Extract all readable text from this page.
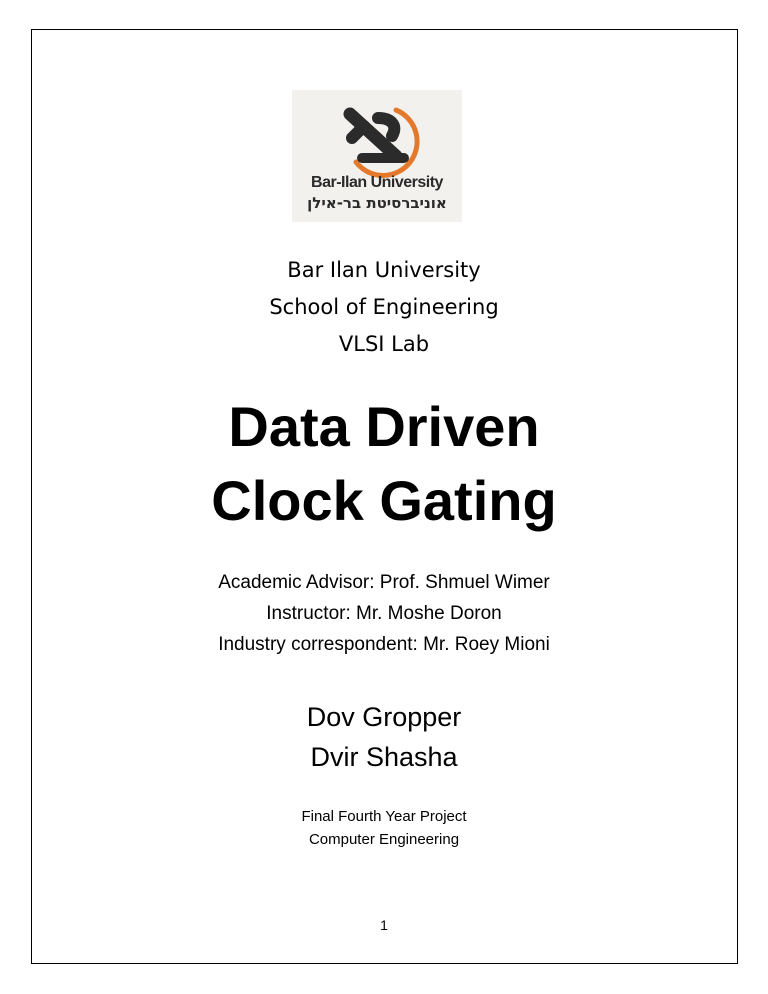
Bar-Ilan University
אוניברסיטת בר-אילן
Bar Ilan University
School of Engineering
VLSI Lab
Data Driven
Clock Gating
Academic Advisor: Prof. Shmuel Wimer
Instructor: Mr. Moshe Doron
Industry correspondent: Mr. Roey Mioni
Dov Gropper
Dvir Shasha
Final Fourth Year Project
Computer Engineering
1
